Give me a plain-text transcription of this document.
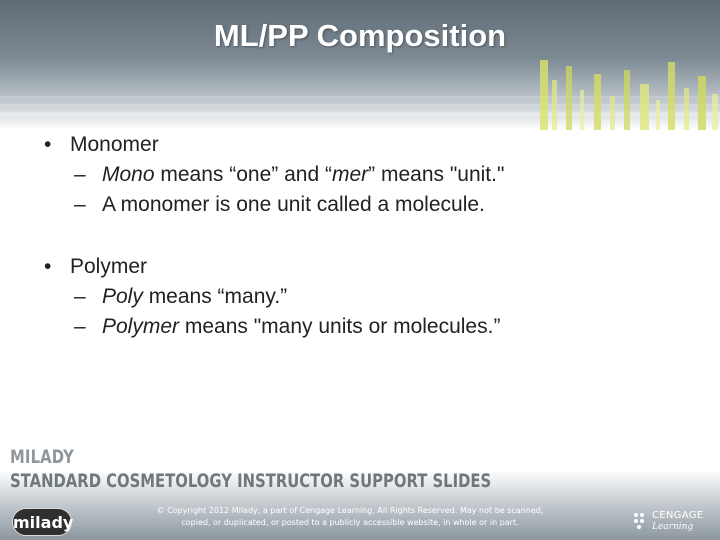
ML/PP Composition
• Monomer
– Mono means “one” and “mer” means "unit."
– A monomer is one unit called a molecule.
• Polymer
– Poly means “many.”
– Polymer means "many units or molecules.”
MILADY
STANDARD COSMETOLOGY INSTRUCTOR SUPPORT SLIDES
milady
© Copyright 2012 Milady, a part of Cengage Learning. All Rights Reserved. May not be scanned,
copied, or duplicated, or posted to a publicly accessible website, in whole or in part.
CENGAGE
Learning
